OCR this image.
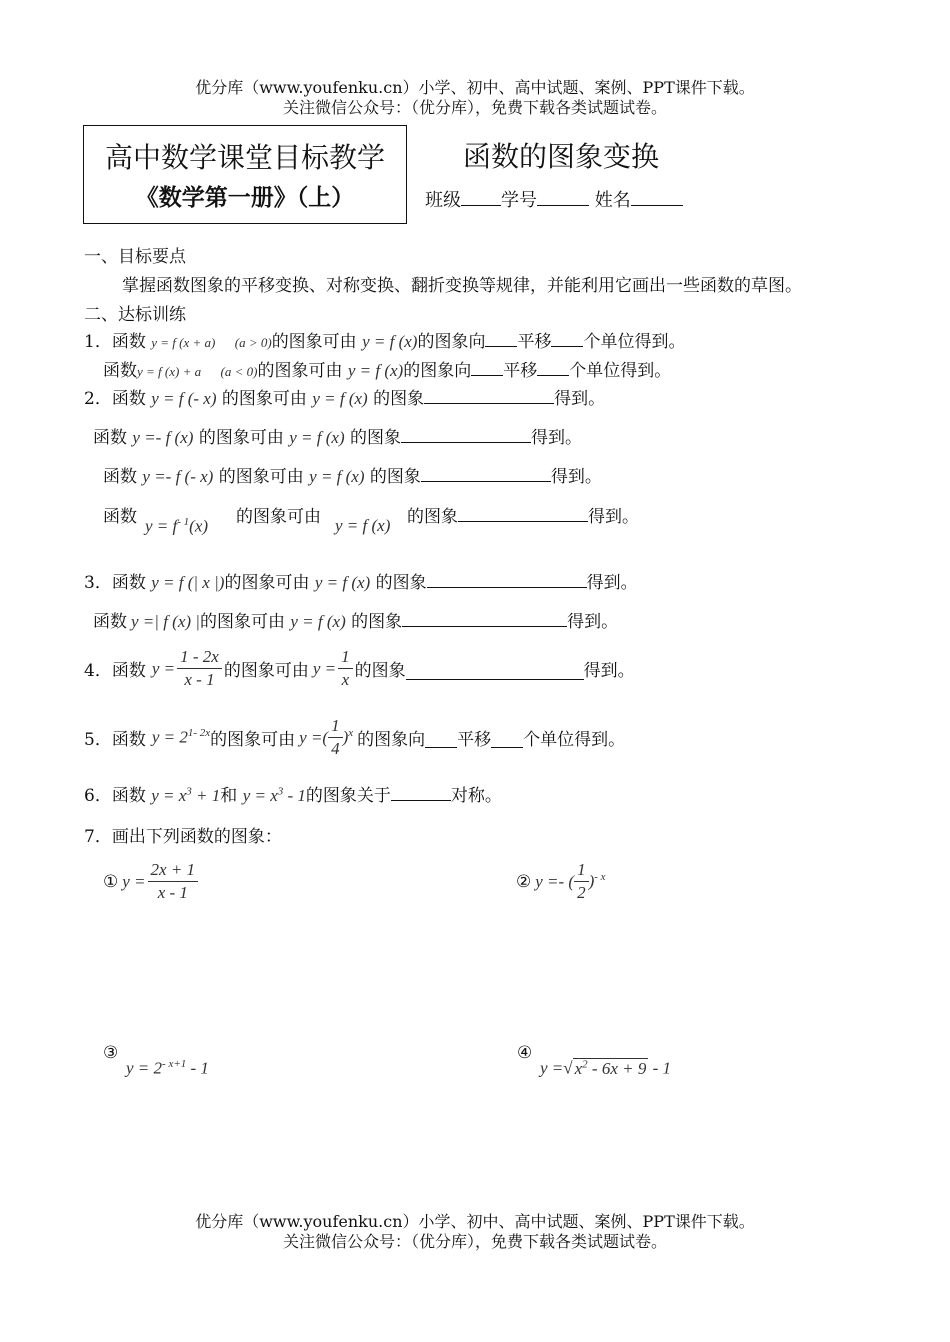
优分库（www.youfenku.cn）小学、初中、高中试题、案例、PPT课件下载。
关注微信公众号：（优分库），免费下载各类试题试卷。
高中数学课堂目标教学
《数学第一册》（上）
函数的图象变换
班级 学号	姓名
一、目标要点
掌握函数图象的平移变换、对称变换、翻折变换等规律，并能利用它画出一些函数的草图。
二、达标训练
1．函数 y = f (x + a) (a > 0)的图象可由 y = f (x)的图象向 平移 个单位得到。
函数y = f (x) + a (a < 0)的图象可由 y = f (x)的图象向 平移 个单位得到。
2．函数 y = f (- x) 的图象可由 y = f (x) 的图象	得到。
函数 y =- f (x) 的图象可由 y = f (x) 的图象	得到。
函数 y =- f (- x) 的图象可由 y = f (x) 的图象	得到。
函数 $y = f^{- 1}(x)$ 的图象可由 y = f (x) 的图象	得到。
3．函数 y = f (| x |)的图象可由 y = f (x) 的图象	得到。
函数 y =| f (x) |的图象可由 y = f (x) 的图象	得到。
4． 函数 $y = \frac{1 - 2x}{x - 1}$ 的图象可由 $y = \frac{1}{x}$ 的图象	得到。
5． 函数 $y = 2^{1- 2x}$ 的图象可由 y =( $\frac{1}{4} )^x$ 的图象向 平移 个单位得到。
6．函数 $y = x^3 + 1$和 $y = x^3 - 1$的图象关于	对称。
7．画出下列函数的图象：
① $y = \frac{2x + 1}{x - 1}$	② y =- ( $\frac{1}{2} )^{- x}$
③
$y = 2^{- x+1} - 1$
④
y =√ $x^2 - 6x + 9 - 1$
优分库（www.youfenku.cn）小学、初中、高中试题、案例、PPT课件下载。
关注微信公众号：（优分库），免费下载各类试题试卷。
